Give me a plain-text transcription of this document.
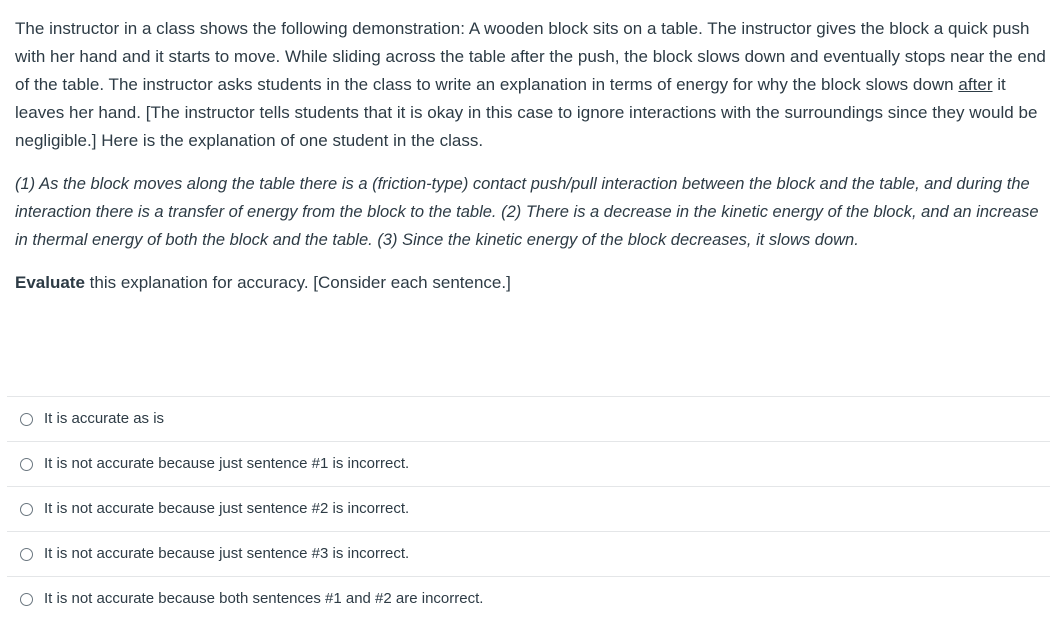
The instructor in a class shows the following demonstration: A wooden block sits on a table. The instructor gives the block a quick push with her hand and it starts to move. While sliding across the table after the push, the block slows down and eventually stops near the end of the table. The instructor asks students in the class to write an explanation in terms of energy for why the block slows down after it leaves her hand. [The instructor tells students that it is okay in this case to ignore interactions with the surroundings since they would be negligible.] Here is the explanation of one student in the class.

(1) As the block moves along the table there is a (friction-type) contact push/pull interaction between the block and the table, and during the interaction there is a transfer of energy from the block to the table. (2) There is a decrease in the kinetic energy of the block, and an increase in thermal energy of both the block and the table. (3) Since the kinetic energy of the block decreases, it slows down.

Evaluate this explanation for accuracy. [Consider each sentence.]

It is accurate as is
It is not accurate because just sentence #1 is incorrect.
It is not accurate because just sentence #2 is incorrect.
It is not accurate because just sentence #3 is incorrect.
It is not accurate because both sentences #1 and #2 are incorrect.
